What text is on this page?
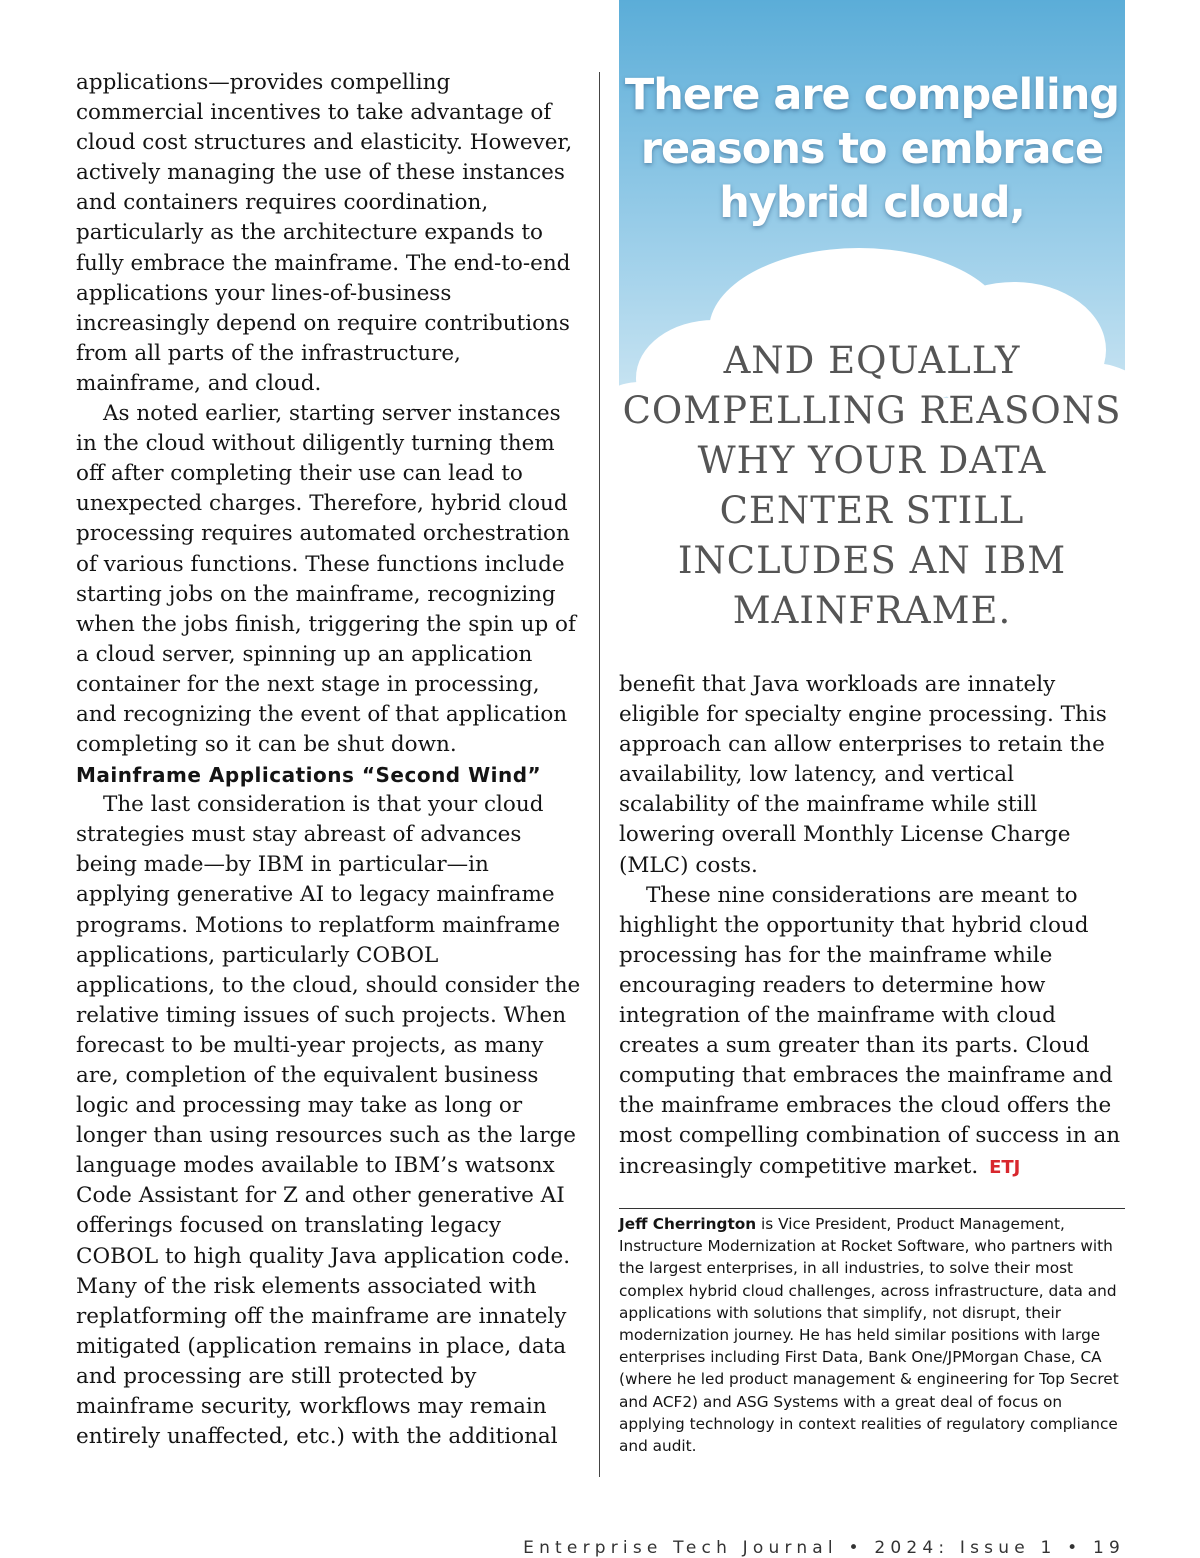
applications—provides compelling commercial incentives to take advantage of cloud cost structures and elasticity. However, actively managing the use of these instances and containers requires coordination, particularly as the architecture expands to fully embrace the mainframe. The end-to-end applications your lines-of-business increasingly depend on require contributions from all parts of the infrastructure, mainframe, and cloud.

As noted earlier, starting server instances in the cloud without diligently turning them off after completing their use can lead to unexpected charges. Therefore, hybrid cloud processing requires automated orchestration of various functions. These functions include starting jobs on the mainframe, recognizing when the jobs finish, triggering the spin up of a cloud server, spinning up an application container for the next stage in processing, and recognizing the event of that application completing so it can be shut down.

Mainframe Applications “Second Wind”

The last consideration is that your cloud strategies must stay abreast of advances being made—by IBM in particular—in applying generative AI to legacy mainframe programs. Motions to replatform mainframe applications, particularly COBOL applications, to the cloud, should consider the relative timing issues of such projects. When forecast to be multi-year projects, as many are, completion of the equivalent business logic and processing may take as long or longer than using resources such as the large language modes available to IBM’s watsonx Code Assistant for Z and other generative AI offerings focused on translating legacy COBOL to high quality Java application code. Many of the risk elements associated with replatforming off the mainframe are innately mitigated (application remains in place, data and processing are still protected by mainframe security, workflows may remain entirely unaffected, etc.) with the additional

There are compelling reasons to embrace hybrid cloud,
AND EQUALLY COMPELLING REASONS WHY YOUR DATA CENTER STILL INCLUDES AN IBM MAINFRAME.

benefit that Java workloads are innately eligible for specialty engine processing. This approach can allow enterprises to retain the availability, low latency, and vertical scalability of the mainframe while still lowering overall Monthly License Charge (MLC) costs.

These nine considerations are meant to highlight the opportunity that hybrid cloud processing has for the mainframe while encouraging readers to determine how integration of the mainframe with cloud creates a sum greater than its parts. Cloud computing that embraces the mainframe and the mainframe embraces the cloud offers the most compelling combination of success in an increasingly competitive market. ETJ

Jeff Cherrington is Vice President, Product Management, Instructure Modernization at Rocket Software, who partners with the largest enterprises, in all industries, to solve their most complex hybrid cloud challenges, across infrastructure, data and applications with solutions that simplify, not disrupt, their modernization journey. He has held similar positions with large enterprises including First Data, Bank One/JPMorgan Chase, CA (where he led product management & engineering for Top Secret and ACF2) and ASG Systems with a great deal of focus on applying technology in context realities of regulatory compliance and audit.
Enterprise Tech Journal • 2024: Issue 1 • 19
